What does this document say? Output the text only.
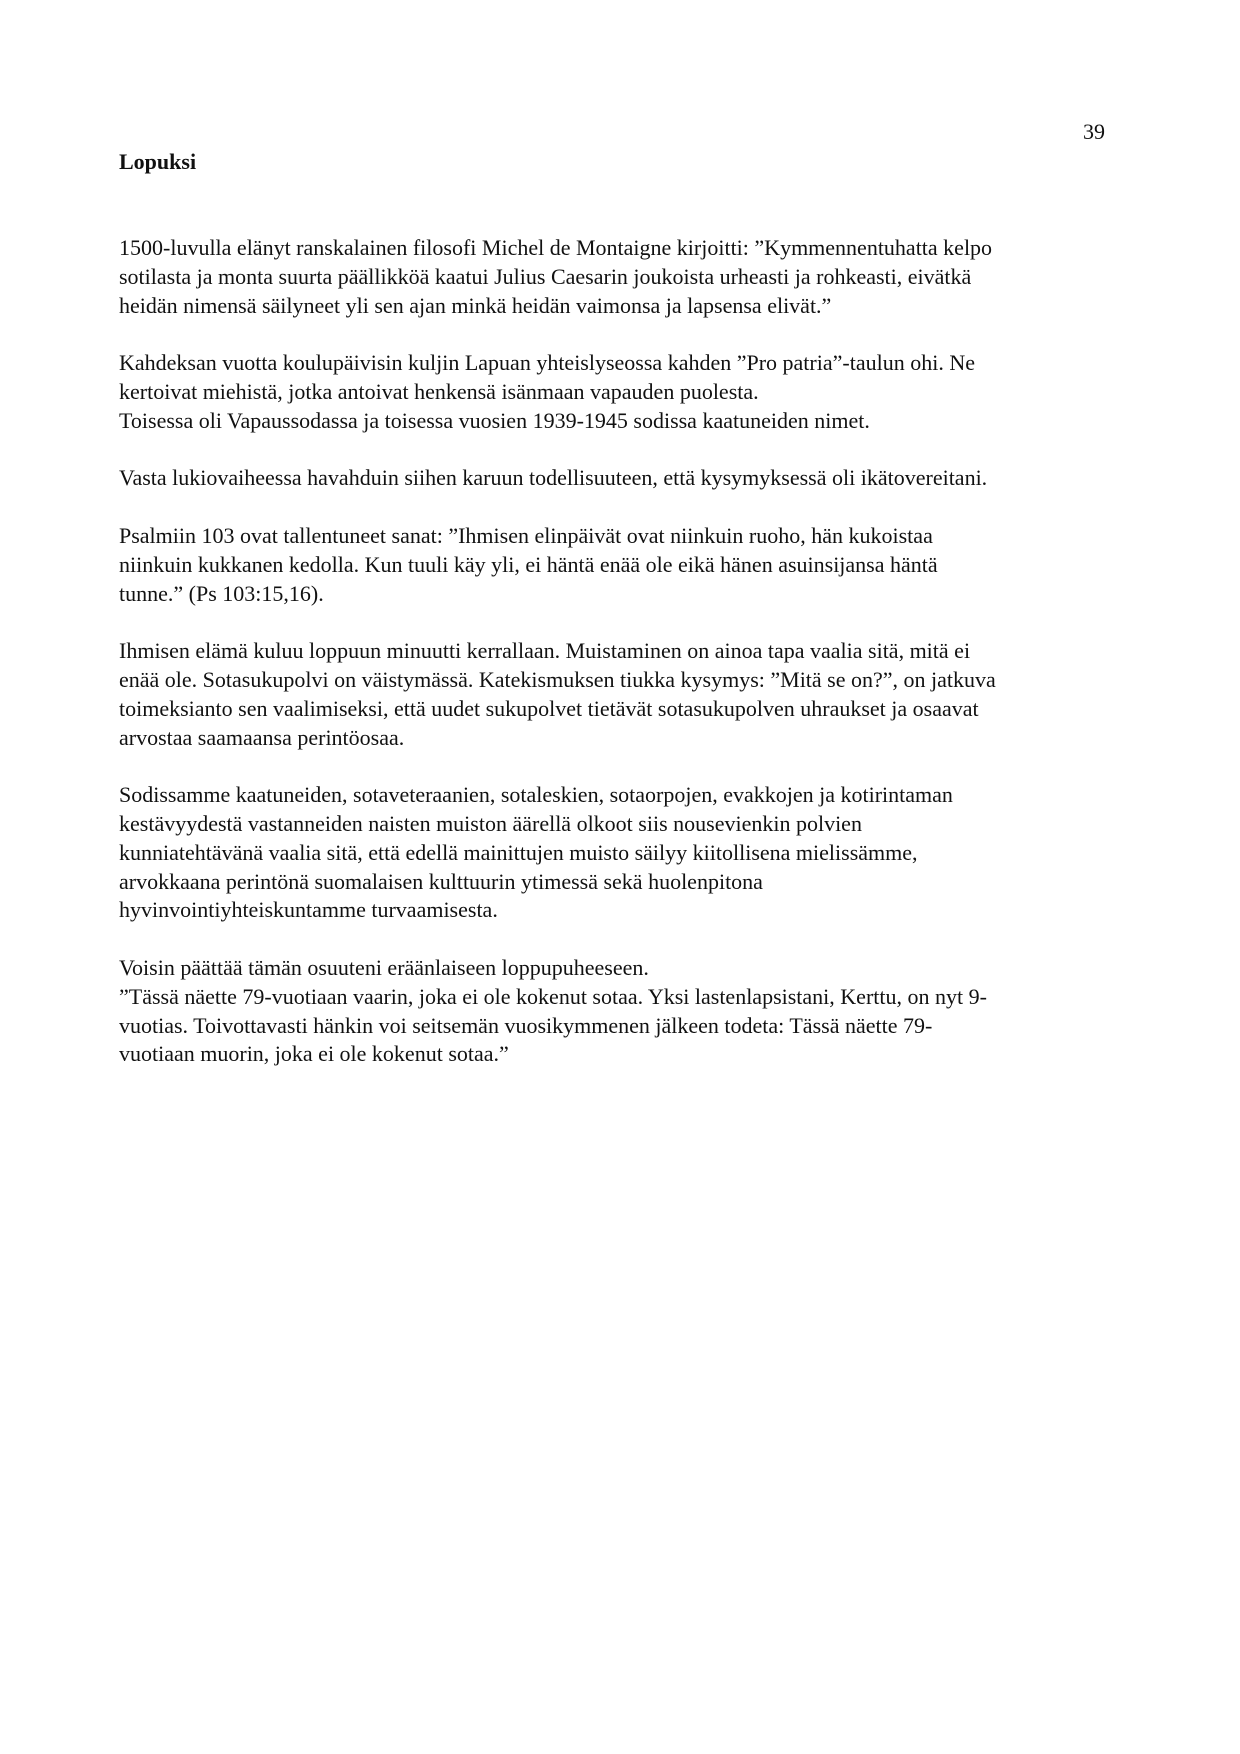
39
Lopuksi

1500-luvulla elänyt ranskalainen filosofi Michel de Montaigne kirjoitti: ”Kymmennentuhatta kelpo
sotilasta ja monta suurta päällikköä kaatui Julius Caesarin joukoista urheasti ja rohkeasti, eivätkä
heidän nimensä säilyneet yli sen ajan minkä heidän vaimonsa ja lapsensa elivät.”

Kahdeksan vuotta koulupäivisin kuljin Lapuan yhteislyseossa kahden ”Pro patria”-taulun ohi. Ne
kertoivat miehistä, jotka antoivat henkensä isänmaan vapauden puolesta.
Toisessa oli Vapaussodassa ja toisessa vuosien 1939-1945 sodissa kaatuneiden nimet.

Vasta lukiovaiheessa havahduin siihen karuun todellisuuteen, että kysymyksessä oli ikätovereitani.

Psalmiin 103 ovat tallentuneet sanat: ”Ihmisen elinpäivät ovat niinkuin ruoho, hän kukoistaa
niinkuin kukkanen kedolla. Kun tuuli käy yli, ei häntä enää ole eikä hänen asuinsijansa häntä
tunne.” (Ps 103:15,16).

Ihmisen elämä kuluu loppuun minuutti kerrallaan. Muistaminen on ainoa tapa vaalia sitä, mitä ei
enää ole. Sotasukupolvi on väistymässä. Katekismuksen tiukka kysymys: ”Mitä se on?”, on jatkuva
toimeksianto sen vaalimiseksi, että uudet sukupolvet tietävät sotasukupolven uhraukset ja osaavat
arvostaa saamaansa perintöosaa.

Sodissamme kaatuneiden, sotaveteraanien, sotaleskien, sotaorpojen, evakkojen ja kotirintaman
kestävyydestä vastanneiden naisten muiston äärellä olkoot siis nousevienkin polvien
kunniatehtävänä vaalia sitä, että edellä mainittujen muisto säilyy kiitollisena mielissämme,
arvokkaana perintönä suomalaisen kulttuurin ytimessä sekä huolenpitona
hyvinvointiyhteiskuntamme turvaamisesta.

Voisin päättää tämän osuuteni eräänlaiseen loppupuheeseen.
”Tässä näette 79-vuotiaan vaarin, joka ei ole kokenut sotaa. Yksi lastenlapsistani, Kerttu, on nyt 9-
vuotias. Toivottavasti hänkin voi seitsemän vuosikymmenen jälkeen todeta: Tässä näette 79-
vuotiaan muorin, joka ei ole kokenut sotaa.”
